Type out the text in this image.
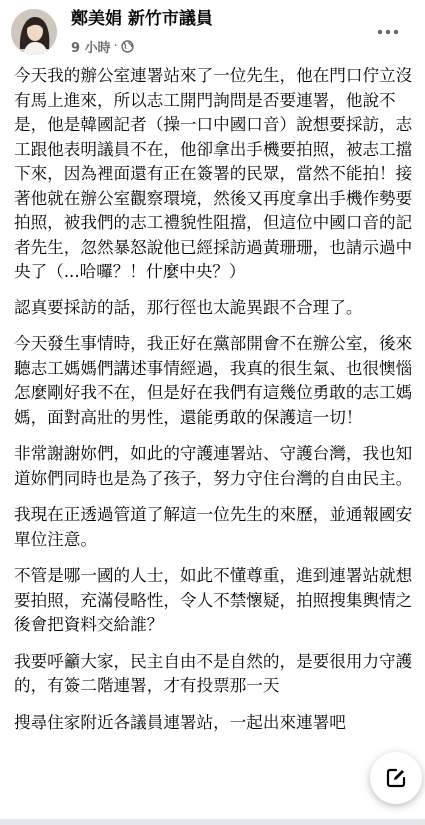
鄭美娟 新竹市議員
9 小時 ·

今天我的辦公室連署站來了一位先生，他在門口佇立沒有馬上進來，所以志工開門詢問是否要連署，他說不是，他是韓國記者（操一口中國口音）說想要採訪，志工跟他表明議員不在，他卻拿出手機要拍照，被志工擋下來，因為裡面還有正在簽署的民眾，當然不能拍！接著他就在辦公室觀察環境，然後又再度拿出手機作勢要拍照，被我們的志工禮貌性阻擋，但這位中國口音的記者先生，忽然暴怒說他已經採訪過黃珊珊，也請示過中央了（...哈囉？！什麼中央？）

認真要採訪的話，那行徑也太詭異跟不合理了。

今天發生事情時，我正好在黨部開會不在辦公室，後來聽志工媽媽們講述事情經過，我真的很生氣、也很懊惱怎麼剛好我不在，但是好在我們有這幾位勇敢的志工媽媽，面對高壯的男性，還能勇敢的保護這一切！

非常謝謝妳們，如此的守護連署站、守護台灣，我也知道妳們同時也是為了孩子，努力守住台灣的自由民主。

我現在正透過管道了解這一位先生的來歷，並通報國安單位注意。

不管是哪一國的人士，如此不懂尊重，進到連署站就想要拍照，充滿侵略性，令人不禁懷疑，拍照搜集輿情之後會把資料交給誰？

我要呼籲大家，民主自由不是自然的，是要很用力守護的，有簽二階連署，才有投票那一天

搜尋住家附近各議員連署站，一起出來連署吧
